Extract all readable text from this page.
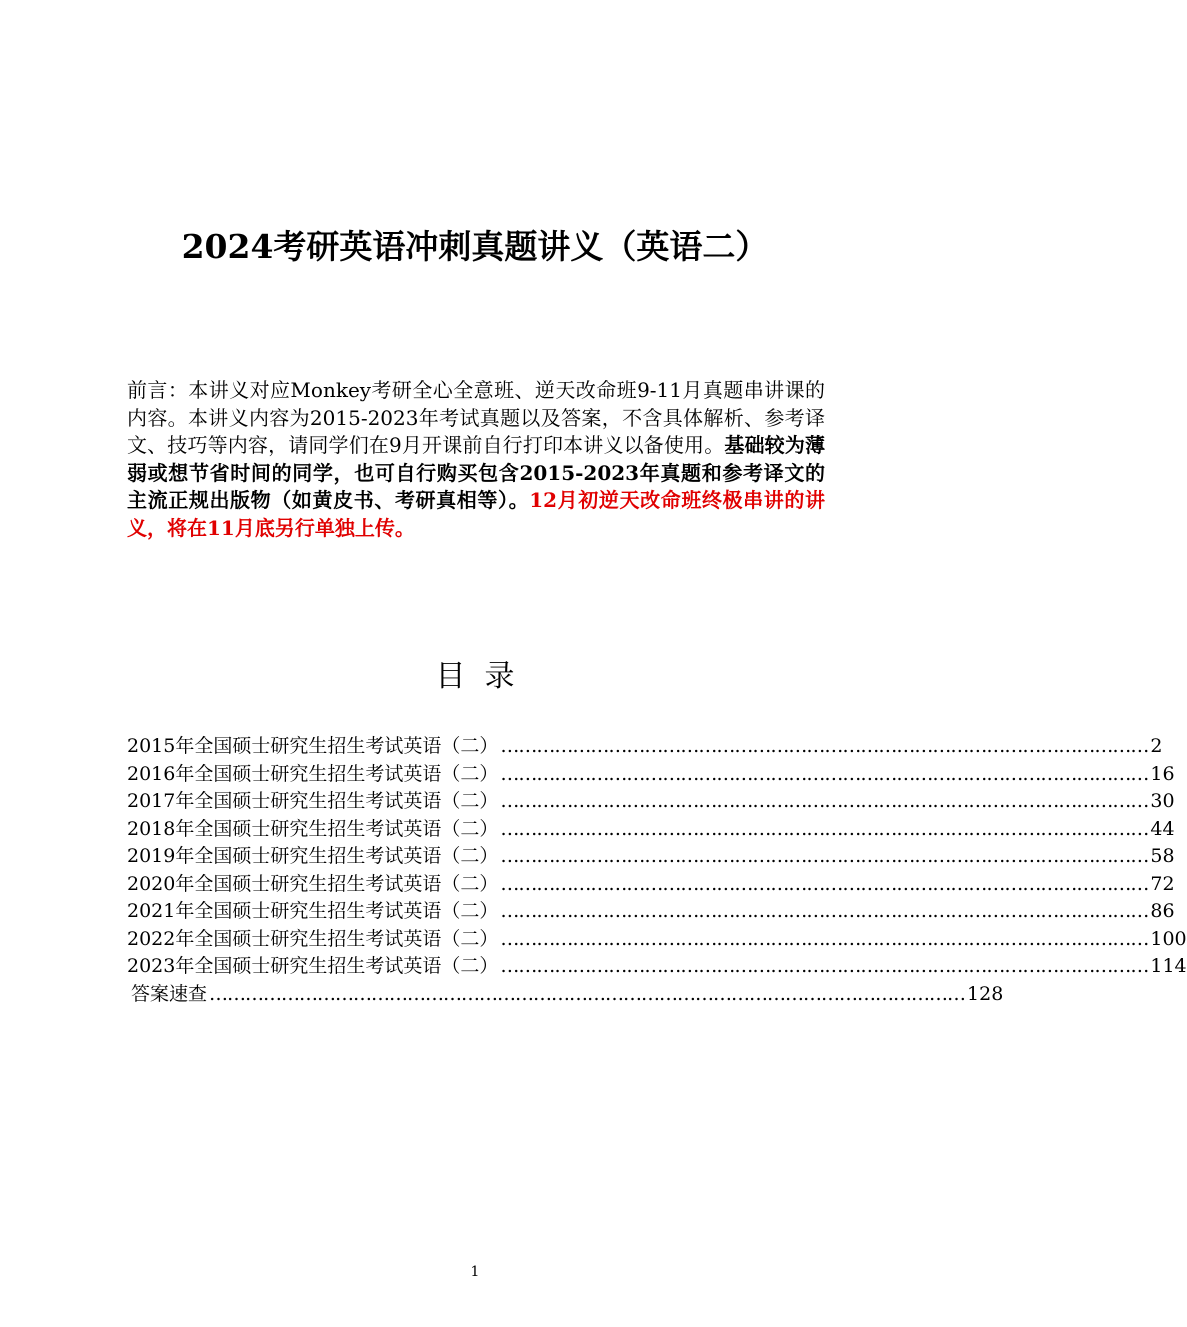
2024考研英语冲刺真题讲义（英语二）
前言：本讲义对应Monkey考研全心全意班、逆天改命班9-11月真题串讲课的内容。本讲义内容为2015-2023年考试真题以及答案，不含具体解析、参考译文、技巧等内容，请同学们在9月开课前自行打印本讲义以备使用。基础较为薄弱或想节省时间的同学，也可自行购买包含2015-2023年真题和参考译文的主流正规出版物（如黄皮书、考研真相等）。12月初逆天改命班终极串讲的讲义，将在11月底另行单独上传。
目  录
2015年全国硕士研究生招生考试英语（二） ……………………………………………………………………………………………… 2
2016年全国硕士研究生招生考试英语（二） ……………………………………………………………………………………………… 16
2017年全国硕士研究生招生考试英语（二） ……………………………………………………………………………………………… 30
2018年全国硕士研究生招生考试英语（二） ……………………………………………………………………………………………… 44
2019年全国硕士研究生招生考试英语（二） ……………………………………………………………………………………………… 58
2020年全国硕士研究生招生考试英语（二） ……………………………………………………………………………………………… 72
2021年全国硕士研究生招生考试英语（二） ……………………………………………………………………………………………… 86
2022年全国硕士研究生招生考试英语（二） ……………………………………………………………………………………………… 100
2023年全国硕士研究生招生考试英语（二） ……………………………………………………………………………………………… 114
答案速查 ……………………………………………………………………………………………………………… 128
1
